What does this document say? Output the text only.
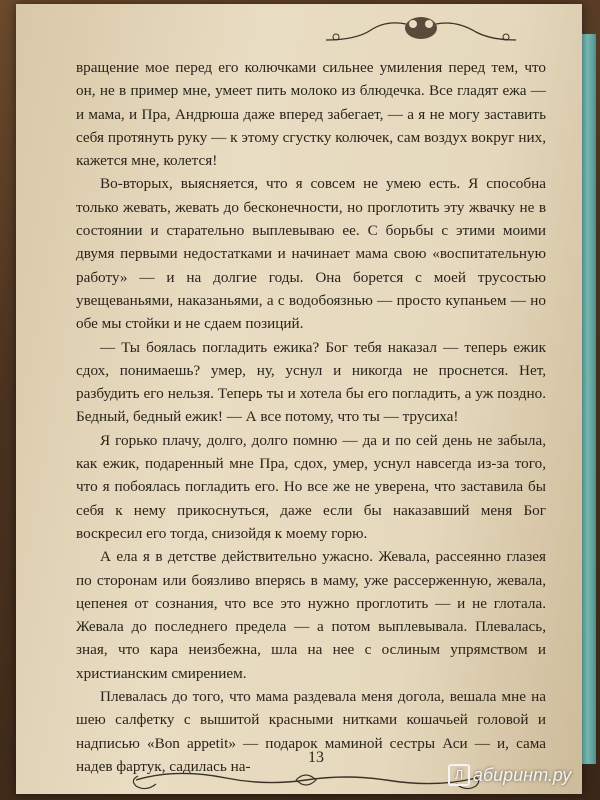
вращение мое перед его колючками сильнее умиления перед тем, что он, не в пример мне, умеет пить молоко из блюдечка. Все гладят ежа — и мама, и Пра, Андрюша даже вперед забегает, — а я не могу заставить себя протянуть руку — к этому сгустку колючек, сам воздух вокруг них, кажется мне, колется!

Во-вторых, выясняется, что я совсем не умею есть. Я способна только жевать, жевать до бесконечности, но проглотить эту жвачку не в состоянии и старательно выплевываю ее. С борьбы с этими моими двумя первыми недостатками и начинает мама свою «воспитательную работу» — и на долгие годы. Она борется с моей трусостью увещеваньями, наказаньями, а с водобоязнью — просто купаньем — но обе мы стойки и не сдаем позиций.

— Ты боялась погладить ежика? Бог тебя наказал — теперь ежик сдох, понимаешь? умер, ну, уснул и никогда не проснется. Нет, разбудить его нельзя. Теперь ты и хотела бы его погладить, а уж поздно. Бедный, бедный ежик! — А все потому, что ты — трусиха!

Я горько плачу, долго, долго помню — да и по сей день не забыла, как ежик, подаренный мне Пра, сдох, умер, уснул навсегда из-за того, что я побоялась погладить его. Но все же не уверена, что заставила бы себя к нему прикоснуться, даже если бы наказавший меня Бог воскресил его тогда, снизойдя к моему горю.

А ела я в детстве действительно ужасно. Жевала, рассеянно глазея по сторонам или боязливо вперясь в маму, уже рассерженную, жевала, цепенея от сознания, что все это нужно проглотить — и не глотала. Жевала до последнего предела — а потом выплевывала. Плевалась, зная, что кара неизбежна, шла на нее с ослиным упрямством и христианским смирением.

Плевалась до того, что мама раздевала меня догола, вешала мне на шею салфетку с вышитой красными нитками кошачьей головой и надписью «Bon appetit» — подарок маминой сестры Аси — и, сама надев фартук, садилась на-

13
Л абиринт.ру
